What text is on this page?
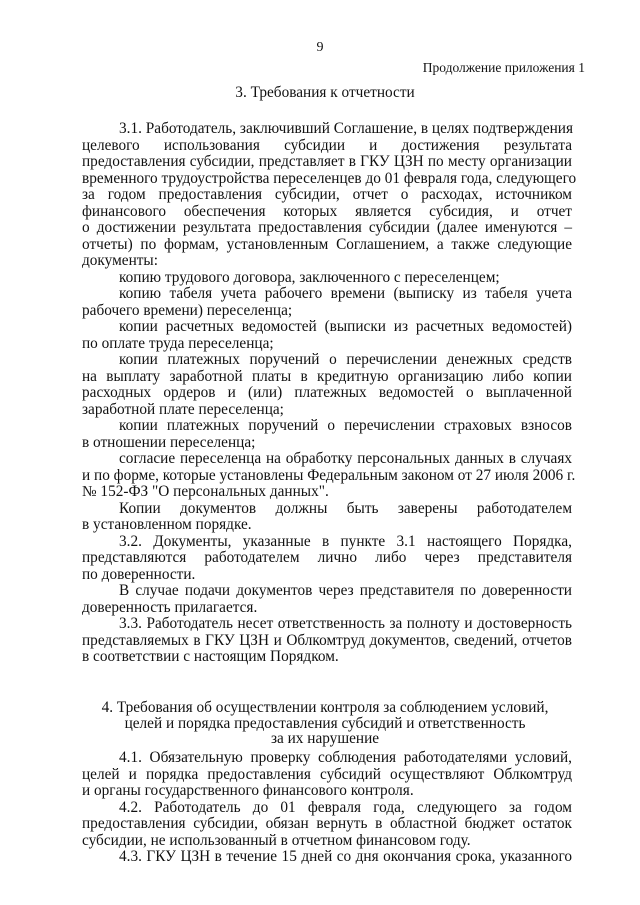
9
Продолжение приложения 1
3. Требования к отчетности
3.1. Работодатель, заключивший Соглашение, в целях подтверждения
целевого использования субсидии и достижения результата
предоставления субсидии, представляет в ГКУ ЦЗН по месту организации
временного трудоустройства переселенцев до 01 февраля года, следующего
за годом предоставления субсидии, отчет о расходах, источником
финансового обеспечения которых является субсидия, и отчет
о достижении результата предоставления субсидии (далее именуются –
отчеты) по формам, установленным Соглашением, а также следующие
документы:
копию трудового договора, заключенного с переселенцем;
копию табеля учета рабочего времени (выписку из табеля учета
рабочего времени) переселенца;
копии расчетных ведомостей (выписки из расчетных ведомостей)
по оплате труда переселенца;
копии платежных поручений о перечислении денежных средств
на выплату заработной платы в кредитную организацию либо копии
расходных ордеров и (или) платежных ведомостей о выплаченной
заработной плате переселенца;
копии платежных поручений о перечислении страховых взносов
в отношении переселенца;
согласие переселенца на обработку персональных данных в случаях
и по форме, которые установлены Федеральным законом от 27 июля 2006 г.
№ 152-ФЗ "О персональных данных".
Копии документов должны быть заверены работодателем
в установленном порядке.
3.2. Документы, указанные в пункте 3.1 настоящего Порядка,
представляются работодателем лично либо через представителя
по доверенности.
В случае подачи документов через представителя по доверенности
доверенность прилагается.
3.3. Работодатель несет ответственность за полноту и достоверность
представляемых в ГКУ ЦЗН и Облкомтруд документов, сведений, отчетов
в соответствии с настоящим Порядком.
4. Требования об осуществлении контроля за соблюдением условий,
целей и порядка предоставления субсидий и ответственность
за их нарушение
4.1. Обязательную проверку соблюдения работодателями условий,
целей и порядка предоставления субсидий осуществляют Облкомтруд
и органы государственного финансового контроля.
4.2. Работодатель до 01 февраля года, следующего за годом
предоставления субсидии, обязан вернуть в областной бюджет остаток
субсидии, не использованный в отчетном финансовом году.
4.3. ГКУ ЦЗН в течение 15 дней со дня окончания срока, указанного
